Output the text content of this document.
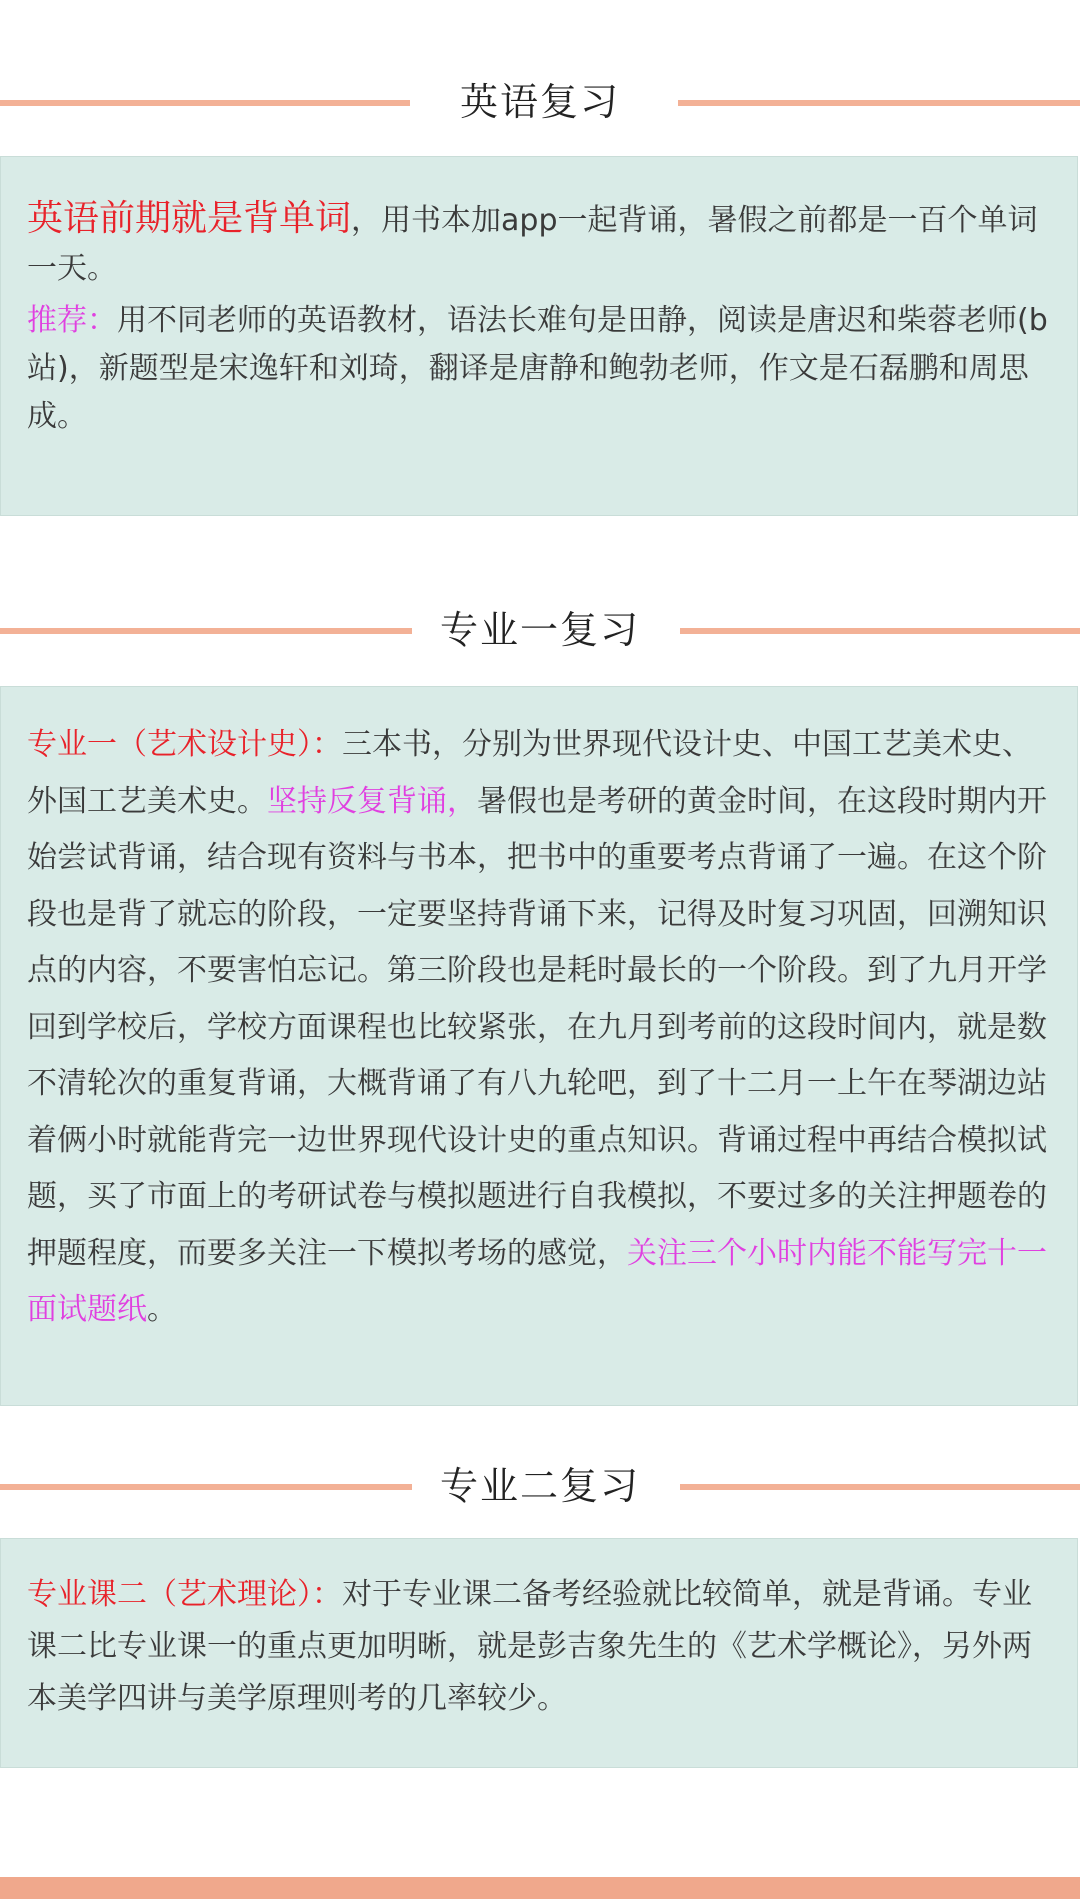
英语复习

英语前期就是背单词，用书本加app一起背诵，暑假之前都是一百个单词一天。

推荐：用不同老师的英语教材，语法长难句是田静，阅读是唐迟和柴蓉老师(b站)，新题型是宋逸轩和刘琦，翻译是唐静和鲍勃老师，作文是石磊鹏和周思成。

专业一复习

专业一（艺术设计史）：三本书，分别为世界现代设计史、中国工艺美术史、外国工艺美术史。坚持反复背诵，暑假也是考研的黄金时间，在这段时期内开始尝试背诵，结合现有资料与书本，把书中的重要考点背诵了一遍。在这个阶段也是背了就忘的阶段，一定要坚持背诵下来，记得及时复习巩固，回溯知识点的内容，不要害怕忘记。第三阶段也是耗时最长的一个阶段。到了九月开学回到学校后，学校方面课程也比较紧张，在九月到考前的这段时间内，就是数不清轮次的重复背诵，大概背诵了有八九轮吧，到了十二月一上午在琴湖边站着俩小时就能背完一边世界现代设计史的重点知识。背诵过程中再结合模拟试题，买了市面上的考研试卷与模拟题进行自我模拟，不要过多的关注押题卷的押题程度，而要多关注一下模拟考场的感觉，关注三个小时内能不能写完十一面试题纸。

专业二复习

专业课二（艺术理论）：对于专业课二备考经验就比较简单，就是背诵。专业课二比专业课一的重点更加明晰，就是彭吉象先生的《艺术学概论》，另外两本美学四讲与美学原理则考的几率较少。
